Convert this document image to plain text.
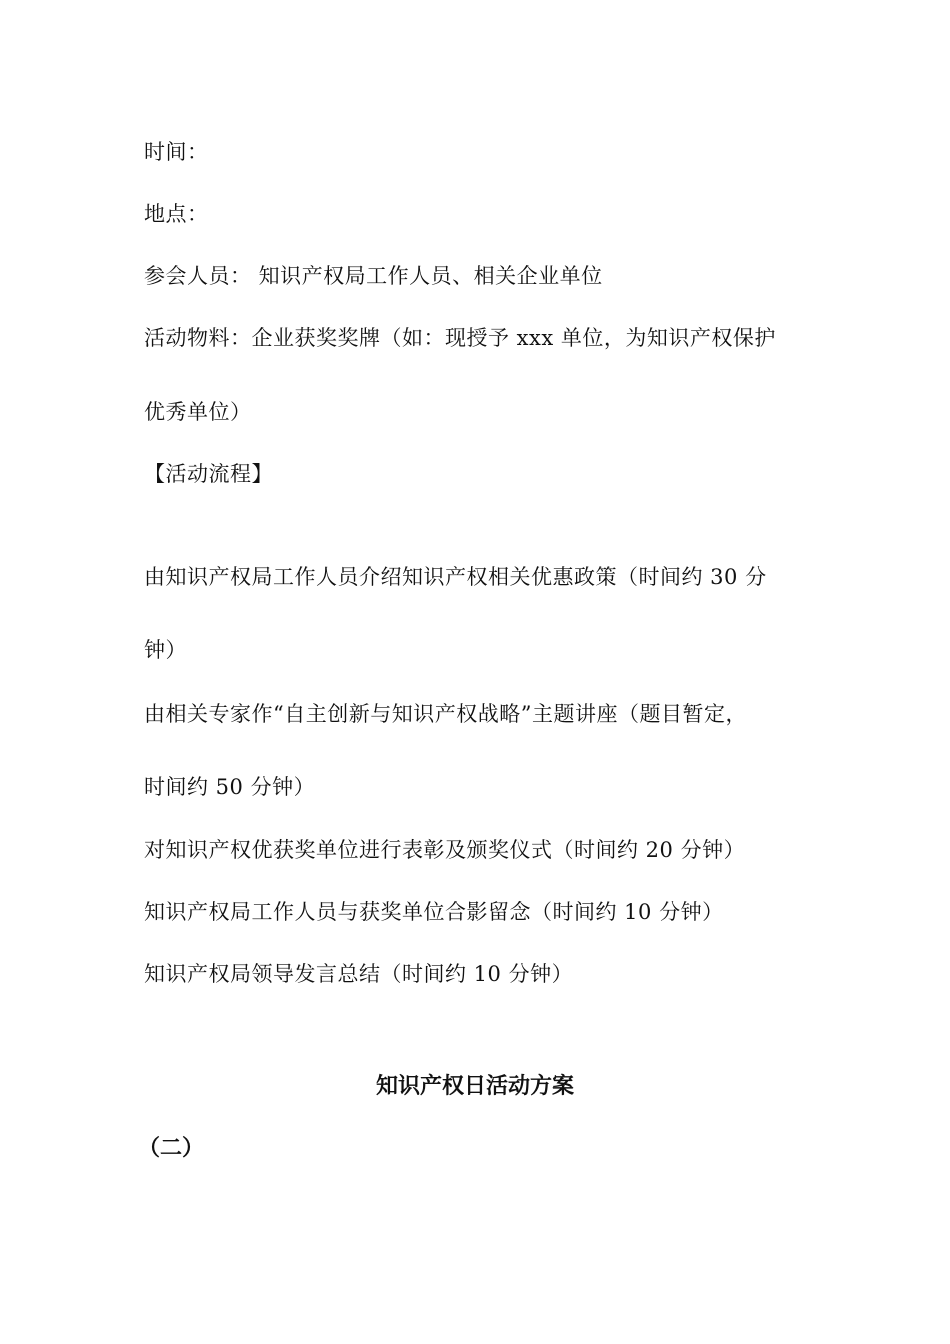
时间：
地点：
参会人员： 知识产权局工作人员、相关企业单位
活动物料：企业获奖奖牌（如：现授予 xxx 单位，为知识产权保护
优秀单位）
【活动流程】
由知识产权局工作人员介绍知识产权相关优惠政策（时间约 30 分
钟）
由相关专家作“自主创新与知识产权战略”主题讲座（题目暂定，
时间约 50 分钟）
对知识产权优获奖单位进行表彰及颁奖仪式（时间约 20 分钟）
知识产权局工作人员与获奖单位合影留念（时间约 10 分钟）
知识产权局领导发言总结（时间约 10 分钟）
知识产权日活动方案
（二）
